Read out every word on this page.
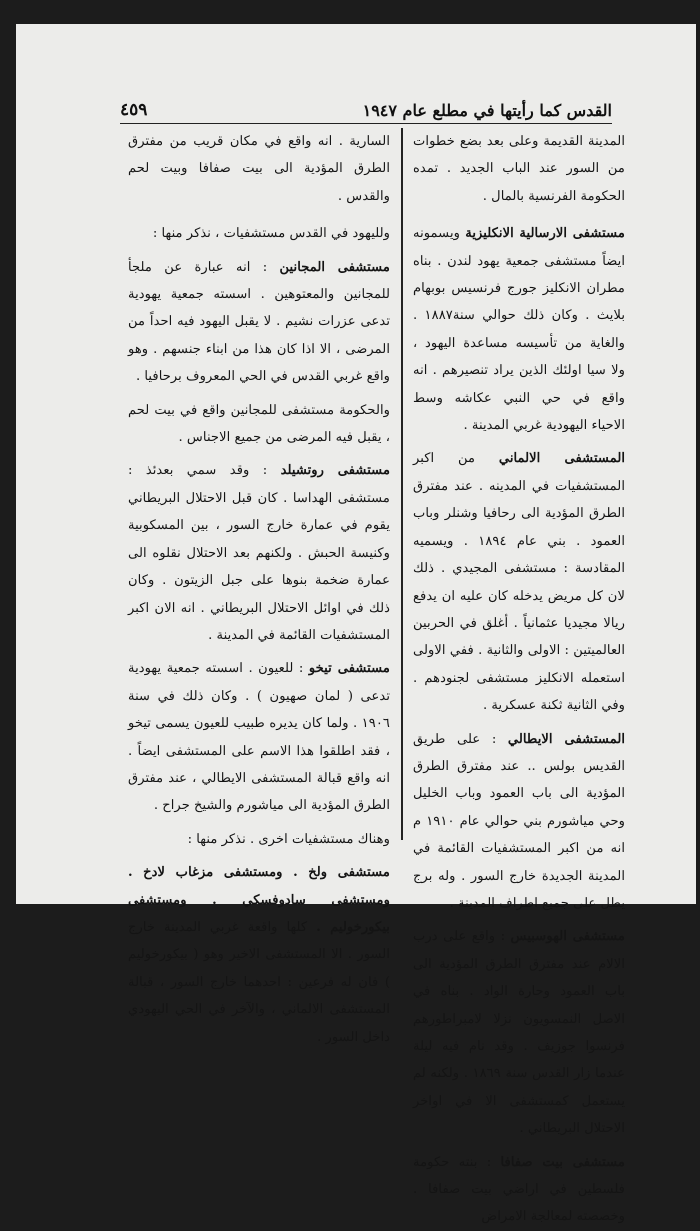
القدس كما رأيتها في مطلع عام ١٩٤٧
٤٥٩

المدينة القديمة وعلى بعد بضع خطوات من السور عند الباب الجديد . تمده الحكومة الفرنسية بالمال .

مستشفى الارسالية الانكليزية ويسمونه ايضاً مستشفى جمعية يهود لندن . بناه مطران الانكليز جورج فرنسيس بوبهام بلايث . وكان ذلك حوالي سنة١٨٨٧ . والغاية من تأسيسه مساعدة اليهود ، ولا سيا اولئك الذين يراد تنصيرهم . انه واقع في حي النبي عكاشه وسط الاحياء اليهودية غربي المدينة .

المستشفى الالماني من اكبر المستشفيات في المدينه . عند مفترق الطرق المؤدية الى رحافيا وشنلر وباب العمود . بني عام ١٨٩٤ . ويسميه المقادسة : مستشفى المجيدي . ذلك لان كل مريض يدخله كان عليه ان يدفع ريالا مجيديا عثمانياً . أغلق في الحربين العالميتين : الاولى والثانية . ففي الاولى استعمله الانكليز مستشفى لجنودهم . وفي الثانية ثكنة عسكرية .

المستشفى الايطالي : على طريق القديس بولس .. عند مفترق الطرق المؤدية الى باب العمود وباب الخليل وحي مياشورم بني حوالي عام ١٩١٠ م انه من اكبر المستشفيات القائمة في المدينة الجديدة خارج السور . وله برج يطل على جميع اطراف المدينة .

مستشفى الهوسبيس : واقع على درب الالام عند مفترق الطرق المؤدية الى باب العمود وحارة الواد . بناه في الاصل النمسويون نزلا لامبراطورهم فرنسوا جوزيف . وقد نام فيه ليلة عندما زار القدس سنة ١٨٦٩ . ولكنه لم يستعمل كمستشفى الا في اواخر الاحتلال البريطاني .

مستشفى بيت صفافا : بنته حكومة فلسطين في اراضي بيت صفافا . وخصصته لمعالجة الامراض

السارية . انه واقع في مكان قريب من مفترق الطرق المؤدية الى بيت صفافا وبيت لحم والقدس .

ولليهود في القدس مستشفيات ، نذكر منها :

مستشفى المجانين : انه عبارة عن ملجأ للمجانين والمعتوهين . اسسته جمعية يهودية تدعى عزرات نشيم . لا يقبل اليهود فيه احداً من المرضى ، الا اذا كان هذا من ابناء جنسهم . وهو واقع غربي القدس في الحي المعروف برحافيا .

والحكومة مستشفى للمجانين واقع في بيت لحم ، يقبل فيه المرضى من جميع الاجناس .

مستشفى روتشيلد : وقد سمي بعدئذ : مستشفى الهداسا . كان قبل الاحتلال البريطاني يقوم في عمارة خارج السور ، بين المسكوبية وكنيسة الحبش . ولكنهم بعد الاحتلال نقلوه الى عمارة ضخمة بنوها على جبل الزيتون . وكان ذلك في اوائل الاحتلال البريطاني . انه الان اكبر المستشفيات القائمة في المدينة .

مستشفى تيخو : للعيون . اسسته جمعية يهودية تدعى ( لمان صهيون ) . وكان ذلك في سنة ١٩٠٦ . ولما كان يديره طبيب للعيون يسمى تيخو ، فقد اطلقوا هذا الاسم على المستشفى ايضاً . انه واقع قبالة المستشفى الايطالي ، عند مفترق الطرق المؤدية الى مياشورم والشيخ جراح .

وهناك مستشفيات اخرى . نذكر منها :

مستشفى ولخ . ومستشفى مزغاب لادخ . ومستشفى سادوفسكي . ومستشفى بيكورخوليم . كلها واقعة غربي المدينة خارج السور . الا المستشفى الاخير وهو ( بيكورخوليم ) فان له فرعين : احدهما خارج السور ، قبالة المستشفى الالماني ، والآخر في الحي اليهودي داخل السور .
